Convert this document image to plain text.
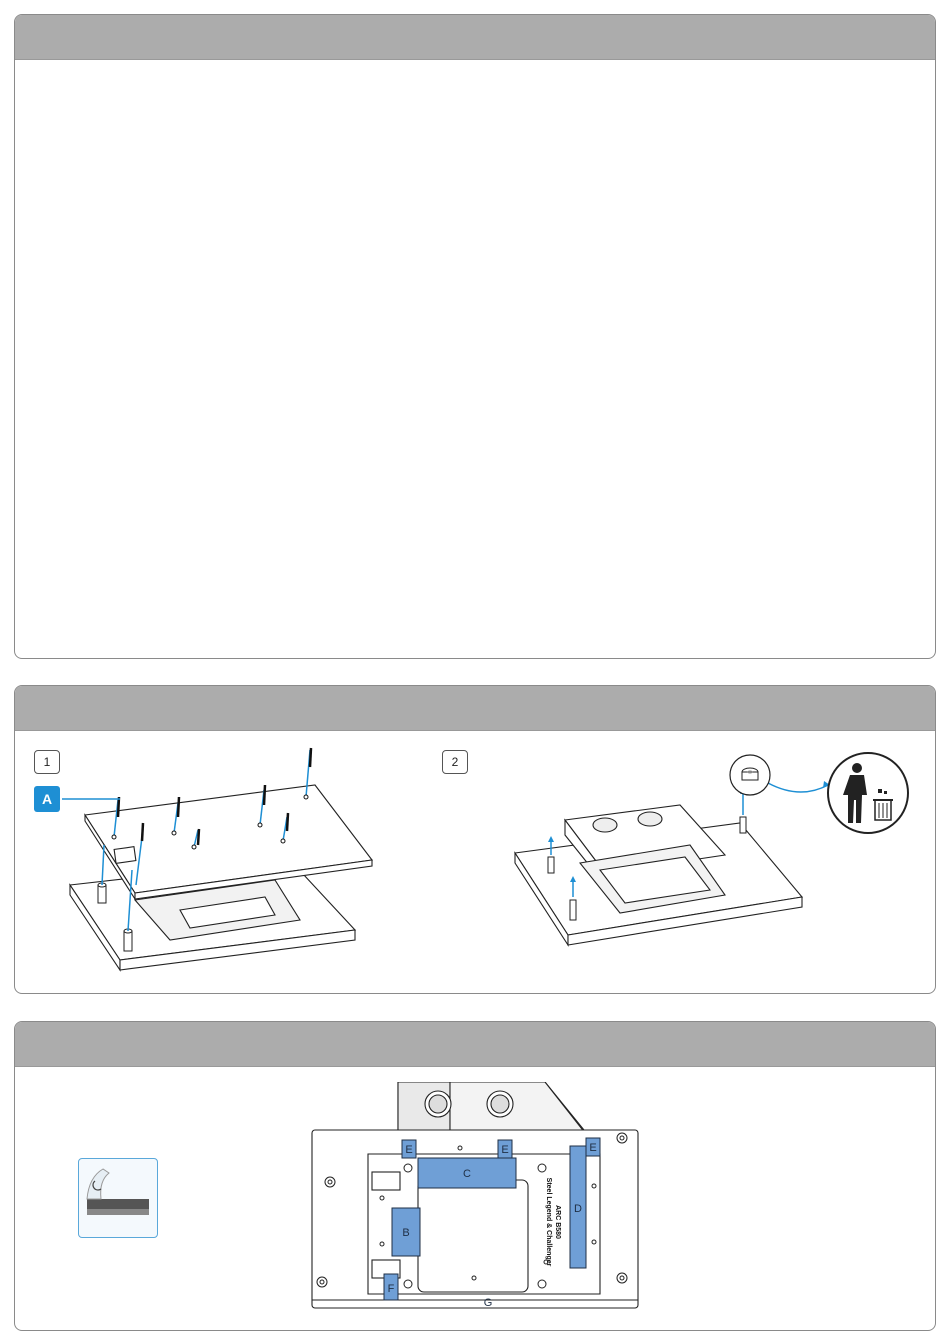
1
A
2
E	E	E
C
B
D
F
G
ARC B580
Steel Legend & Challenger
